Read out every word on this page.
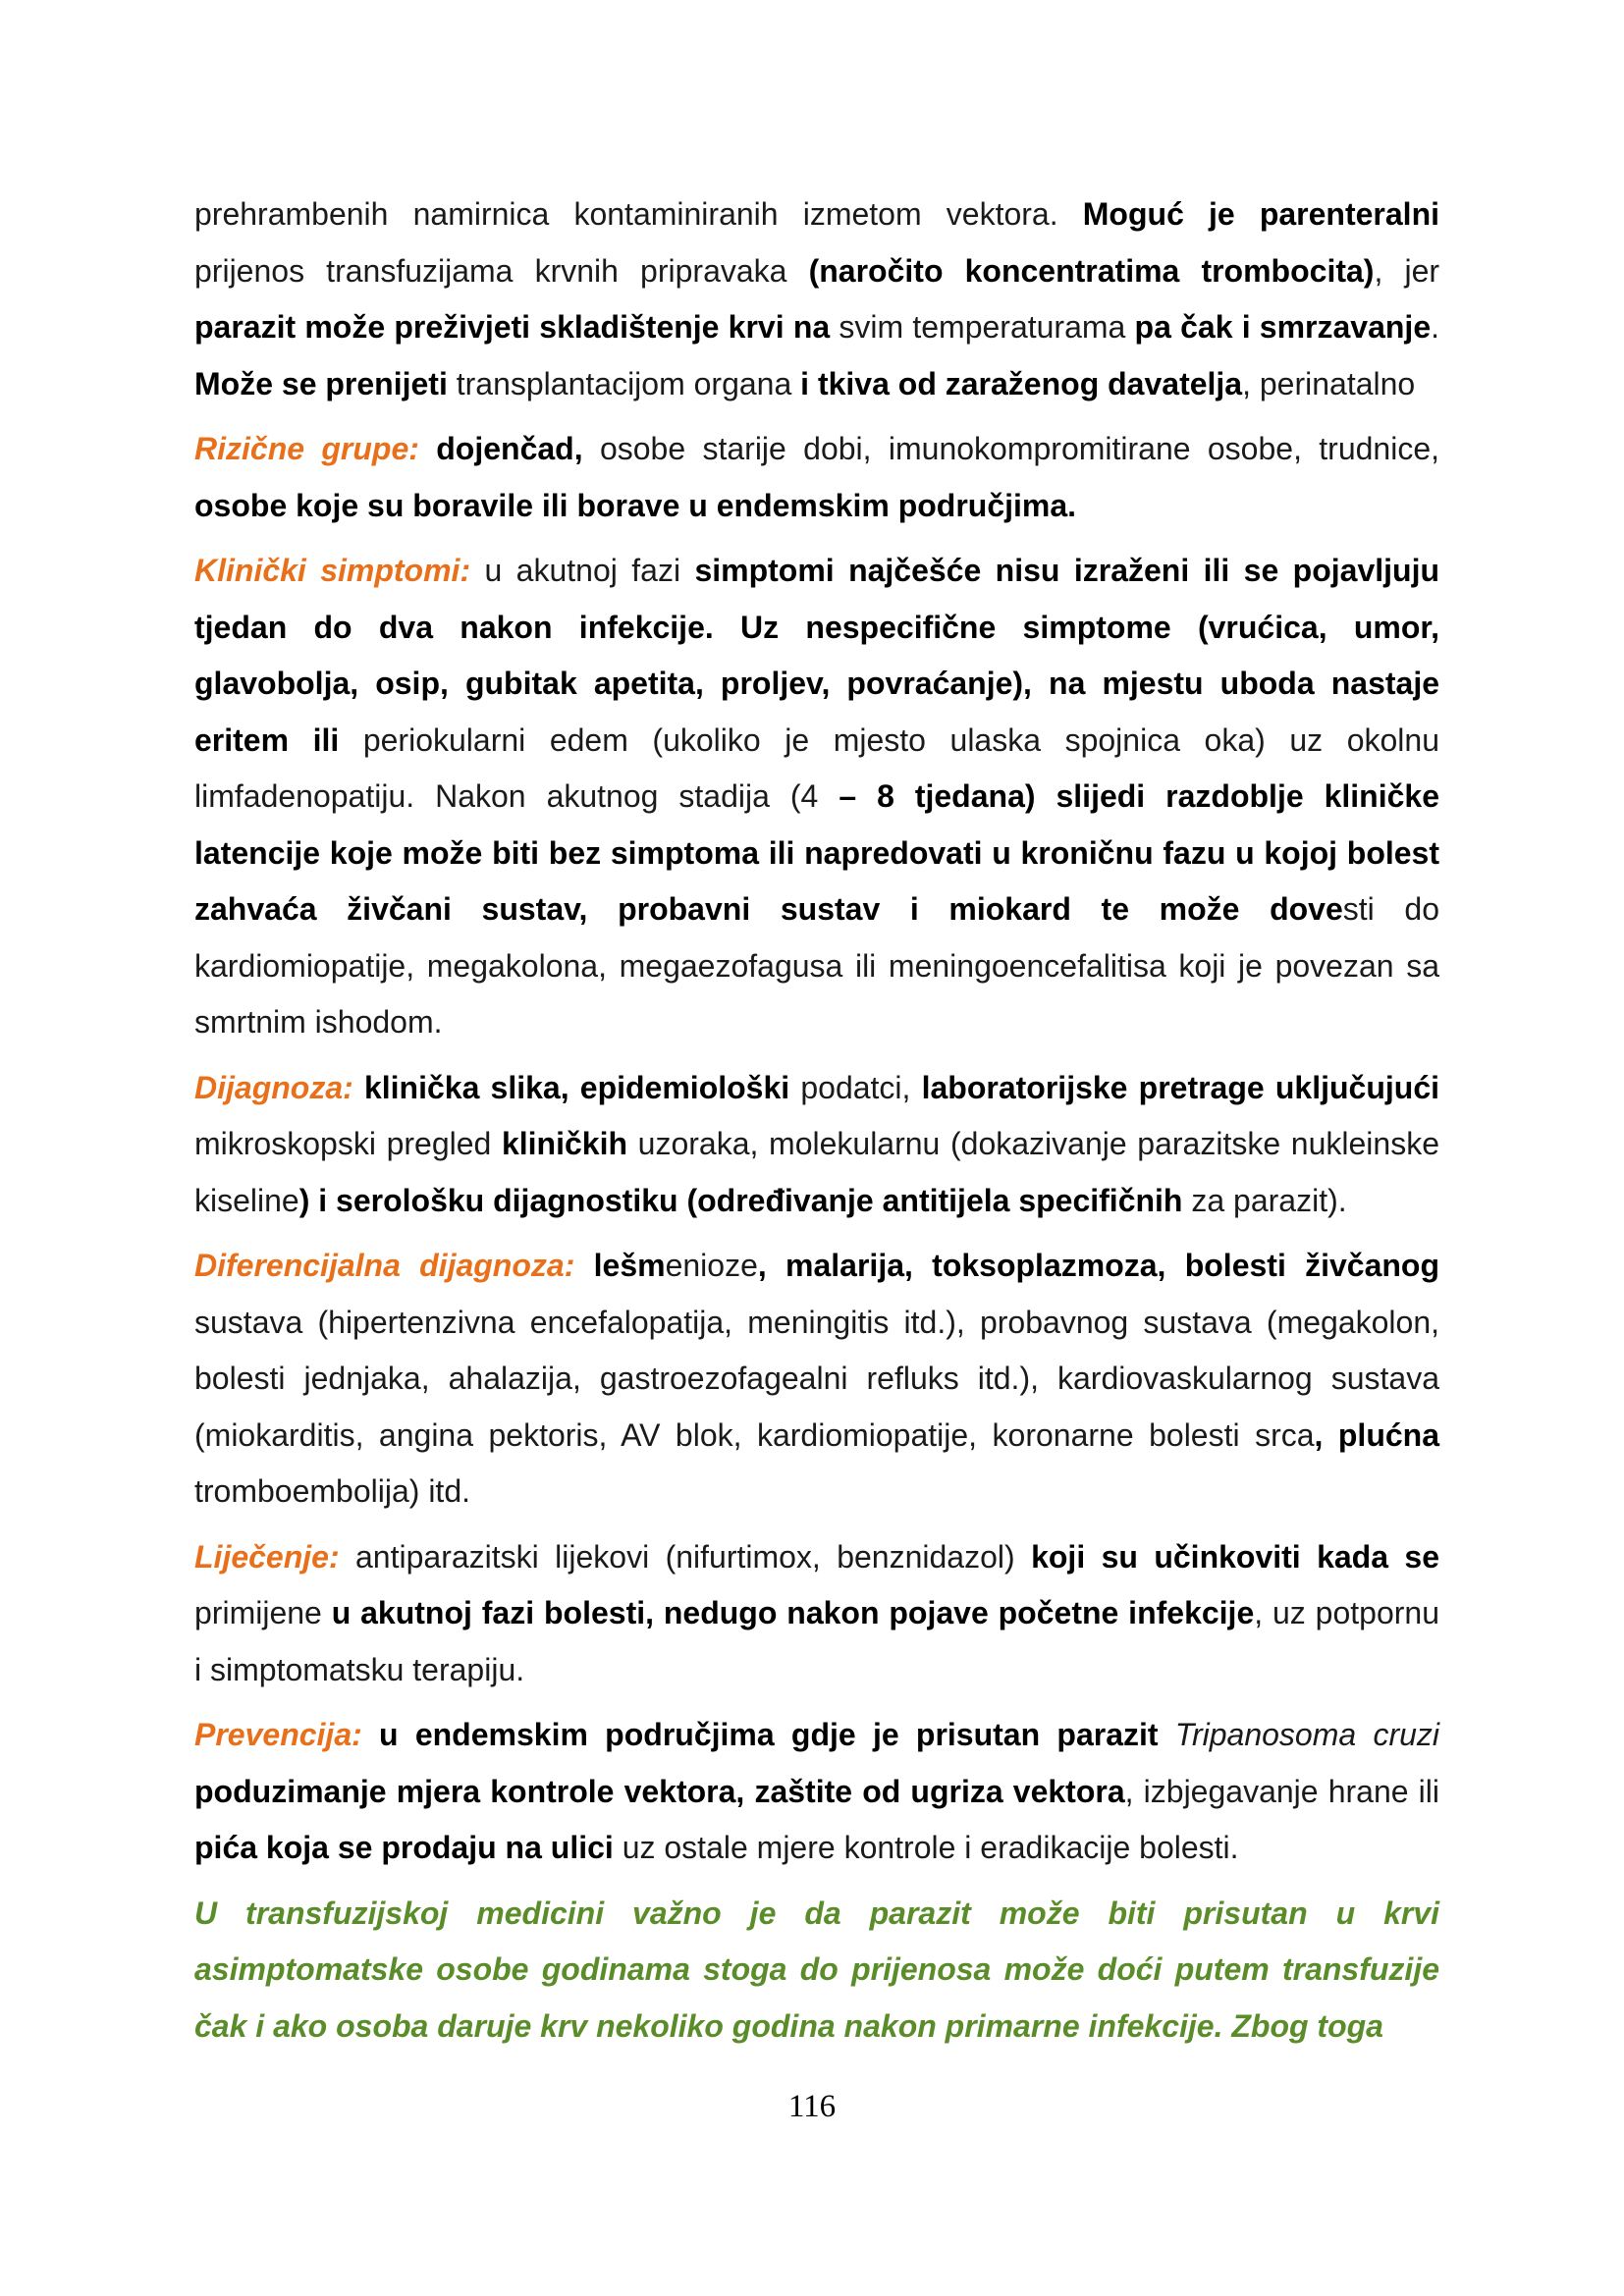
prehrambenih namirnica kontaminiranih izmetom vektora. Moguć je parenteralni prijenos transfuzijama krvnih pripravaka (naročito koncentratima trombocita), jer parazit može preživjeti skladištenje krvi na svim temperaturama pa čak i smrzavanje. Može se prenijeti transplantacijom organa i tkiva od zaraženog davatelja, perinatalno

Rizične grupe: dojenčad, osobe starije dobi, imunokompromitirane osobe, trudnice, osobe koje su boravile ili borave u endemskim područjima.

Klinički simptomi: u akutnoj fazi simptomi najčešće nisu izraženi ili se pojavljuju tjedan do dva nakon infekcije. Uz nespecifične simptome (vrućica, umor, glavobolja, osip, gubitak apetita, proljev, povraćanje), na mjestu uboda nastaje eritem ili periokularni edem (ukoliko je mjesto ulaska spojnica oka) uz okolnu limfadenopatiju. Nakon akutnog stadija (4 – 8 tjedana) slijedi razdoblje kliničke latencije koje može biti bez simptoma ili napredovati u kroničnu fazu u kojoj bolest zahvaća živčani sustav, probavni sustav i miokard te može dovesti do kardiomiopatije, megakolona, megaezofagusa ili meningoencefalitisa koji je povezan sa smrtnim ishodom.

Dijagnoza: klinička slika, epidemiološki podatci, laboratorijske pretrage uključujući mikroskopski pregled kliničkih uzoraka, molekularnu (dokazivanje parazitske nukleinske kiseline) i serološku dijagnostiku (određivanje antitijela specifičnih za parazit).

Diferencijalna dijagnoza: lešmenioze, malarija, toksoplazmoza, bolesti živčanog sustava (hipertenzivna encefalopatija, meningitis itd.), probavnog sustava (megakolon, bolesti jednjaka, ahalazija, gastroezofagealni refluks itd.), kardiovaskularnog sustava (miokarditis, angina pektoris, AV blok, kardiomiopatije, koronarne bolesti srca, plućna tromboembolija) itd.

Liječenje: antiparazitski lijekovi (nifurtimox, benznidazol) koji su učinkoviti kada se primijene u akutnoj fazi bolesti, nedugo nakon pojave početne infekcije, uz potpornu i simptomatsku terapiju.

Prevencija: u endemskim područjima gdje je prisutan parazit Tripanosoma cruzi poduzimanje mjera kontrole vektora, zaštite od ugriza vektora, izbjegavanje hrane ili pića koja se prodaju na ulici uz ostale mjere kontrole i eradikacije bolesti.

U transfuzijskoj medicini važno je da parazit može biti prisutan u krvi asimptomatske osobe godinama stoga do prijenosa može doći putem transfuzije čak i ako osoba daruje krv nekoliko godina nakon primarne infekcije. Zbog toga

116
